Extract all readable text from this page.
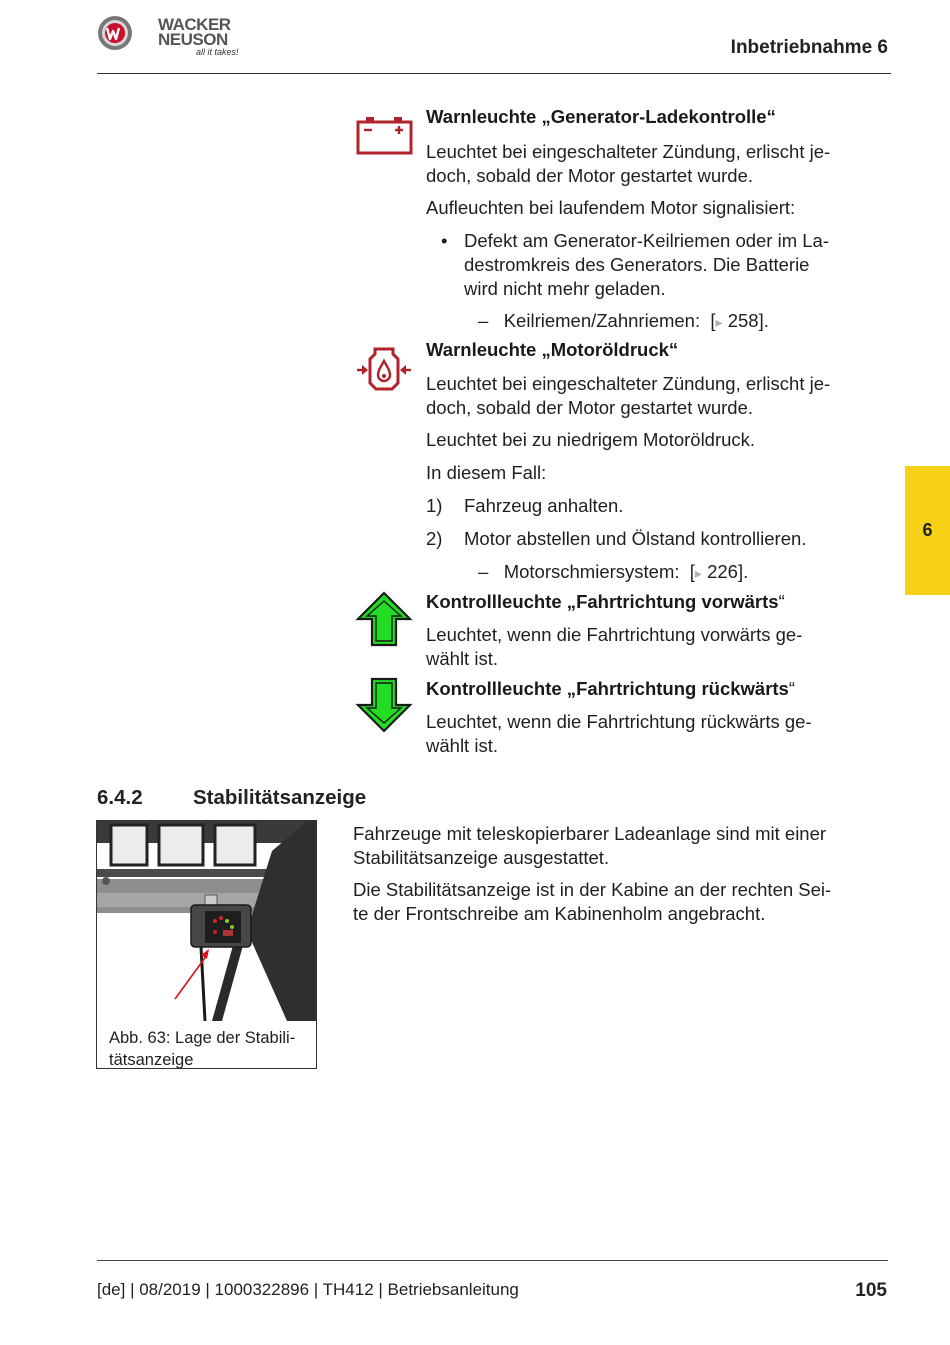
WACKER
NEUSON
all it takes!	Inbetriebnahme 6
6
Warnleuchte „Generator-Ladekontrolle“
Leuchtet bei eingeschalteter Zündung, erlischt je-
doch, sobald der Motor gestartet wurde.
Aufleuchten bei laufendem Motor signalisiert:
• Defekt am Generator-Keilriemen oder im La-
destromkreis des Generators. Die Batterie
wird nicht mehr geladen.
– Keilriemen/Zahnriemen: [▸ 258].
Warnleuchte „Motoröldruck“
Leuchtet bei eingeschalteter Zündung, erlischt je-
doch, sobald der Motor gestartet wurde.
Leuchtet bei zu niedrigem Motoröldruck.
In diesem Fall:
1) Fahrzeug anhalten.
2) Motor abstellen und Ölstand kontrollieren.
– Motorschmiersystem: [▸ 226].
Kontrollleuchte „Fahrtrichtung vorwärts“
Leuchtet, wenn die Fahrtrichtung vorwärts ge-
wählt ist.
Kontrollleuchte „Fahrtrichtung rückwärts“
Leuchtet, wenn die Fahrtrichtung rückwärts ge-
wählt ist.
6.4.2 Stabilitätsanzeige
Abb. 63: Lage der Stabili-
tätsanzeige
Fahrzeuge mit teleskopierbarer Ladeanlage sind mit einer
Stabilitätsanzeige ausgestattet.
Die Stabilitätsanzeige ist in der Kabine an der rechten Sei-
te der Frontschreibe am Kabinenholm angebracht.
[de] | 08/2019 | 1000322896 | TH412 | Betriebsanleitung	105
